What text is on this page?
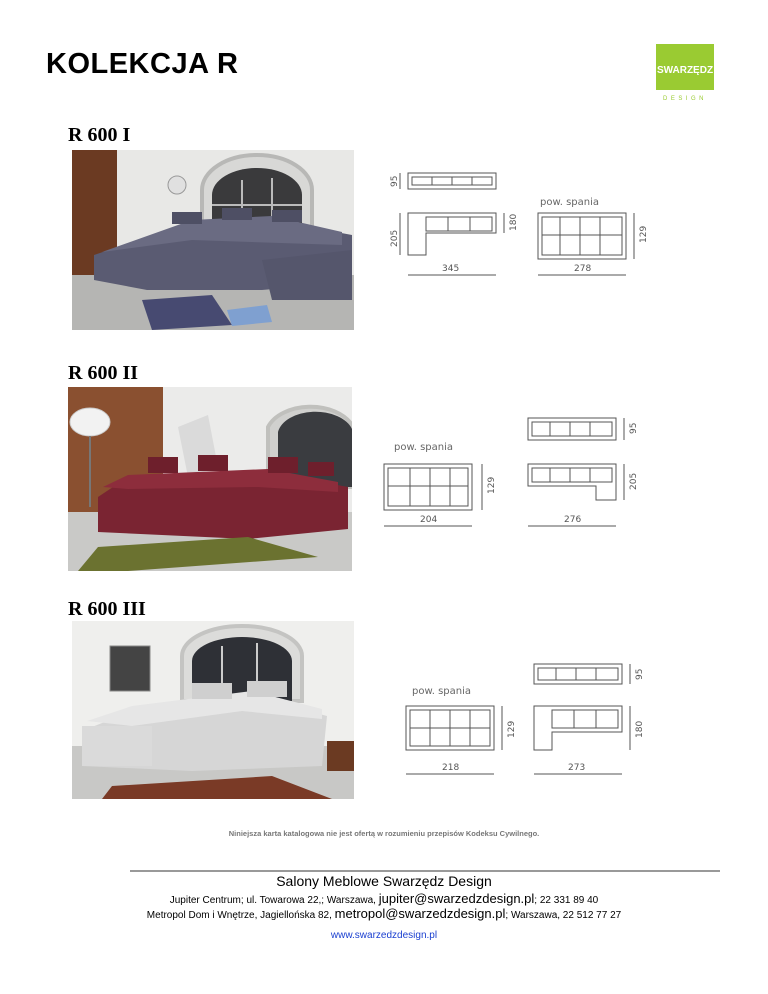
KOLEKCJA R	SWARZĘDZ
DESIGN
R 600 I
95
205
180
345
pow. spania
129
278
R 600 II
pow. spania
129
204
95
205
276
R 600 III
95
pow. spania
129
218
180
273
Niniejsza karta katalogowa nie jest ofertą w rozumieniu przepisów Kodeksu Cywilnego.
Salony Meblowe Swarzędz Design
Jupiter Centrum; ul. Towarowa 22,; Warszawa, jupiter@swarzedzdesign.pl; 22 331 89 40
Metropol Dom i Wnętrze, Jagiellońska 82, metropol@swarzedzdesign.pl; Warszawa, 22 512 77 27
www.swarzedzdesign.pl
